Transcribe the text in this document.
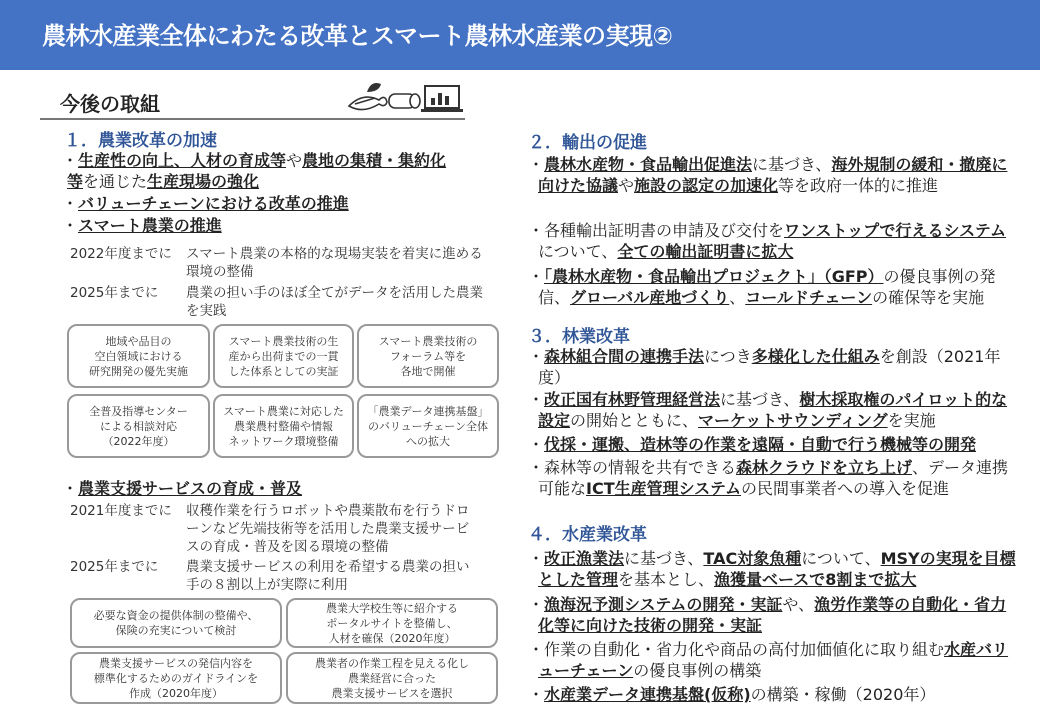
農林水産業全体にわたる改革とスマート農林水産業の実現②
今後の取組
１．農業改革の加速
・生産性の向上、人材の育成等や農地の集積・集約化
等を通じた生産現場の強化
・バリューチェーンにおける改革の推進
・スマート農業の推進
2022年度までに スマート農業の本格的な現場実装を着実に進める環境の整備
2025年までに 農業の担い手のほぼ全てがデータを活用した農業を実践
地域や品目の
空白領域における
研究開発の優先実施
スマート農業技術の生
産から出荷までの一貫
した体系としての実証
スマート農業技術の
フォーラム等を
各地で開催
全普及指導センター
による相談対応
（2022年度）
スマート農業に対応した
農業農村整備や情報
ネットワーク環境整備
「農業データ連携基盤」
のバリューチェーン全体
への拡大
・農業支援サービスの育成・普及
2021年度までに 収穫作業を行うロボットや農薬散布を行うドローンなど先端技術等を活用した農業支援サービスの育成・普及を図る環境の整備
2025年までに 農業支援サービスの利用を希望する農業の担い手の８割以上が実際に利用
必要な資金の提供体制の整備や、
保険の充実について検討
農業大学校生等に紹介する
ポータルサイトを整備し、
人材を確保（2020年度）
農業支援サービスの発信内容を
標準化するためのガイドラインを
作成（2020年度）
農業者の作業工程を見える化し
農業経営に合った
農業支援サービスを選択
２．輸出の促進
・農林水産物・食品輸出促進法に基づき、海外規制の緩和・撤廃に向けた協議や施設の認定の加速化等を政府一体的に推進
・各種輸出証明書の申請及び交付をワンストップで行えるシステムについて、全ての輸出証明書に拡大
・「農林水産物・食品輸出プロジェクト」（GFP）の優良事例の発信、グローバル産地づくり、コールドチェーンの確保等を実施
３．林業改革
・森林組合間の連携手法につき多様化した仕組みを創設（2021年度）
・改正国有林野管理経営法に基づき、樹木採取権のパイロット的な設定の開始とともに、マーケットサウンディングを実施
・伐採・運搬、造林等の作業を遠隔・自動で行う機械等の開発
・森林等の情報を共有できる森林クラウドを立ち上げ、データ連携可能なICT生産管理システムの民間事業者への導入を促進
４．水産業改革
・改正漁業法に基づき、TAC対象魚種について、MSYの実現を目標とした管理を基本とし、漁獲量ベースで8割まで拡大
・漁海況予測システムの開発・実証や、漁労作業等の自動化・省力化等に向けた技術の開発・実証
・作業の自動化・省力化や商品の高付加価値化に取り組む水産バリューチェーンの優良事例の構築
・水産業データ連携基盤(仮称)の構築・稼働（2020年）
